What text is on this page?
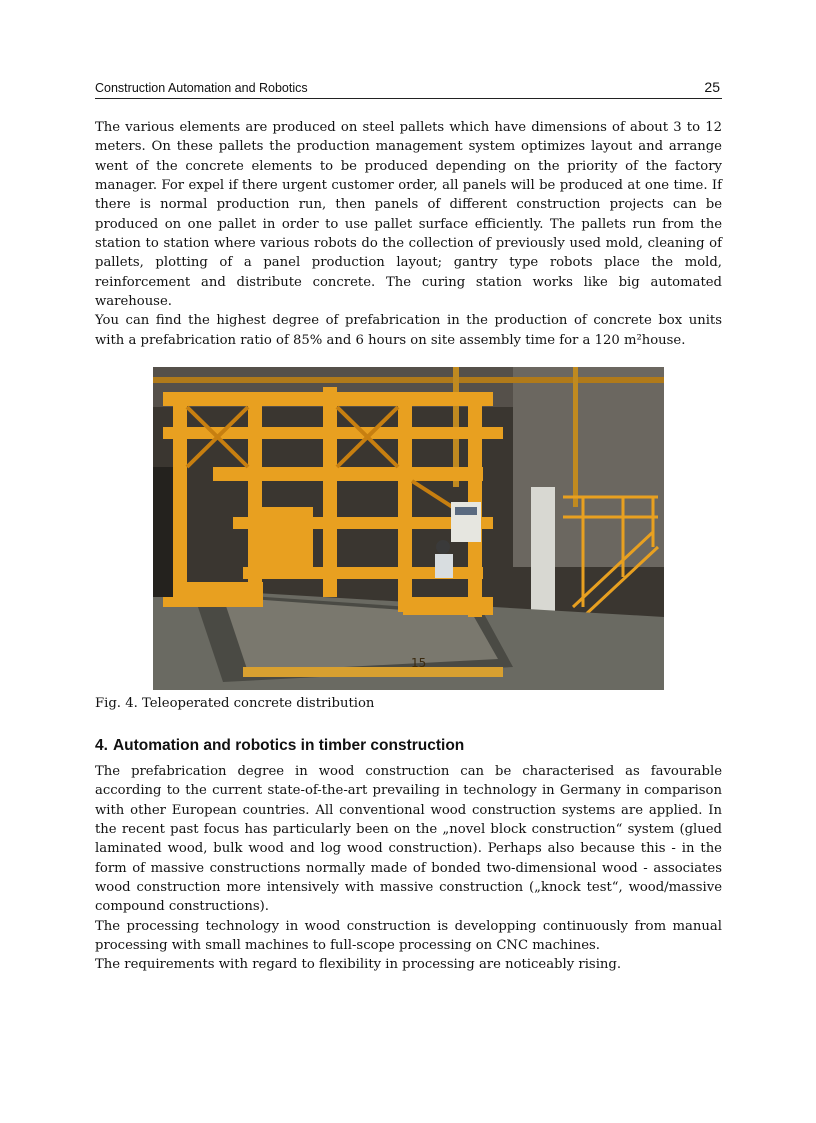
Construction Automation and Robotics	25

The various elements are produced on steel pallets which have dimensions of about 3 to 12 meters. On these pallets the production management system optimizes layout and arrange went of the concrete elements to be produced depending on the priority of the factory manager. For expel if there urgent customer order, all panels will be produced at one time. If there is normal production run, then panels of different construction projects can be produced on one pallet in order to use pallet surface efficiently. The pallets run from the station to station where various robots do the collection of previously used mold, cleaning of pallets, plotting of a panel production layout; gantry type robots place the mold, reinforcement and distribute concrete. The curing station works like big automated warehouse.

You can find the highest degree of prefabrication in the production of concrete box units with a prefabrication ratio of 85% and 6 hours on site assembly time for a 120 m²house.

15
Fig. 4. Teleoperated concrete distribution
4. Automation and robotics in timber construction

The prefabrication degree in wood construction can be characterised as favourable according to the current state-of-the-art prevailing in technology in Germany in comparison with other European countries. All conventional wood construction systems are applied. In the recent past focus has particularly been on the „novel block construction“ system (glued laminated wood, bulk wood and log wood construction). Perhaps also because this - in the form of massive constructions normally made of bonded two-dimensional wood - associates wood construction more intensively with massive construction („knock test“, wood/massive compound constructions).

The processing technology in wood construction is developping continuously from manual processing with small machines to full-scope processing on CNC machines.

The requirements with regard to flexibility in processing are noticeably rising.
